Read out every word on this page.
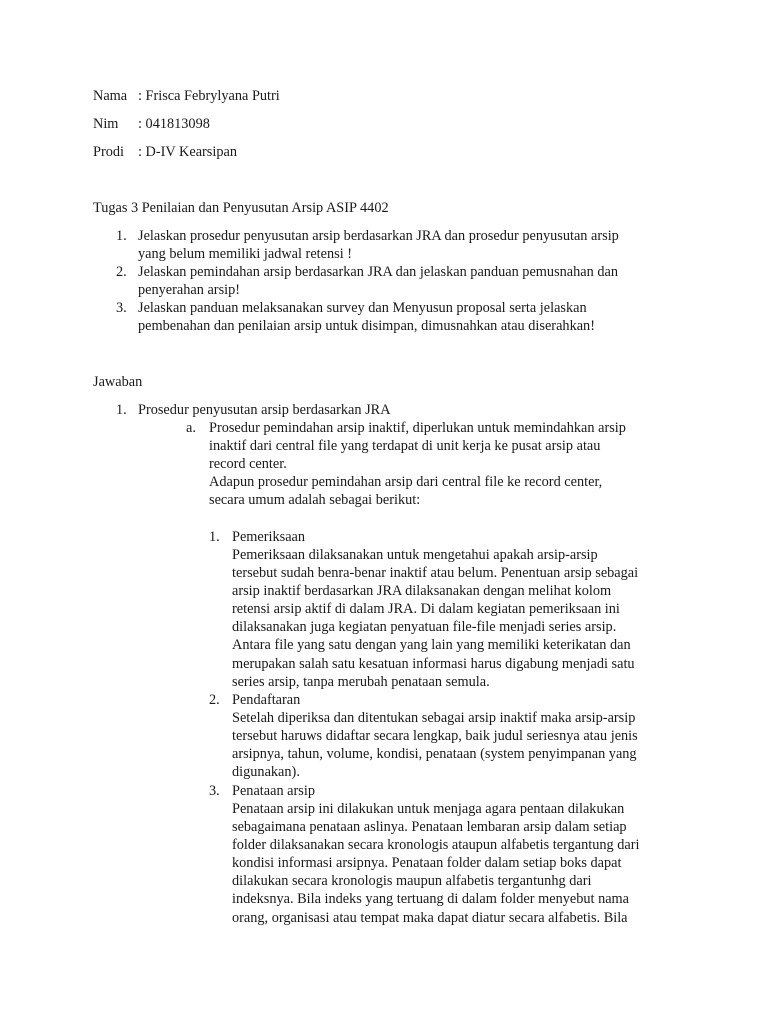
Nama : Frisca Febrylyana Putri
Nim : 041813098
Prodi : D-IV Kearsipan
Tugas 3 Penilaian dan Penyusutan Arsip ASIP 4402
1. Jelaskan prosedur penyusutan arsip berdasarkan JRA dan prosedur penyusutan arsip
yang belum memiliki jadwal retensi !
2. Jelaskan pemindahan arsip berdasarkan JRA dan jelaskan panduan pemusnahan dan
penyerahan arsip!
3. Jelaskan panduan melaksanakan survey dan Menyusun proposal serta jelaskan
pembenahan dan penilaian arsip untuk disimpan, dimusnahkan atau diserahkan!
Jawaban
1. Prosedur penyusutan arsip berdasarkan JRA
a. Prosedur pemindahan arsip inaktif, diperlukan untuk memindahkan arsip
inaktif dari central file yang terdapat di unit kerja ke pusat arsip atau
record center.
Adapun prosedur pemindahan arsip dari central file ke record center,
secara umum adalah sebagai berikut:
1. Pemeriksaan
Pemeriksaan dilaksanakan untuk mengetahui apakah arsip-arsip
tersebut sudah benra-benar inaktif atau belum. Penentuan arsip sebagai
arsip inaktif berdasarkan JRA dilaksanakan dengan melihat kolom
retensi arsip aktif di dalam JRA. Di dalam kegiatan pemeriksaan ini
dilaksanakan juga kegiatan penyatuan file-file menjadi series arsip.
Antara file yang satu dengan yang lain yang memiliki keterikatan dan
merupakan salah satu kesatuan informasi harus digabung menjadi satu
series arsip, tanpa merubah penataan semula.
2. Pendaftaran
Setelah diperiksa dan ditentukan sebagai arsip inaktif maka arsip-arsip
tersebut haruws didaftar secara lengkap, baik judul seriesnya atau jenis
arsipnya, tahun, volume, kondisi, penataan (system penyimpanan yang
digunakan).
3. Penataan arsip
Penataan arsip ini dilakukan untuk menjaga agara pentaan dilakukan
sebagaimana penataan aslinya. Penataan lembaran arsip dalam setiap
folder dilaksanakan secara kronologis ataupun alfabetis tergantung dari
kondisi informasi arsipnya. Penataan folder dalam setiap boks dapat
dilakukan secara kronologis maupun alfabetis tergantunhg dari
indeksnya. Bila indeks yang tertuang di dalam folder menyebut nama
orang, organisasi atau tempat maka dapat diatur secara alfabetis. Bila
